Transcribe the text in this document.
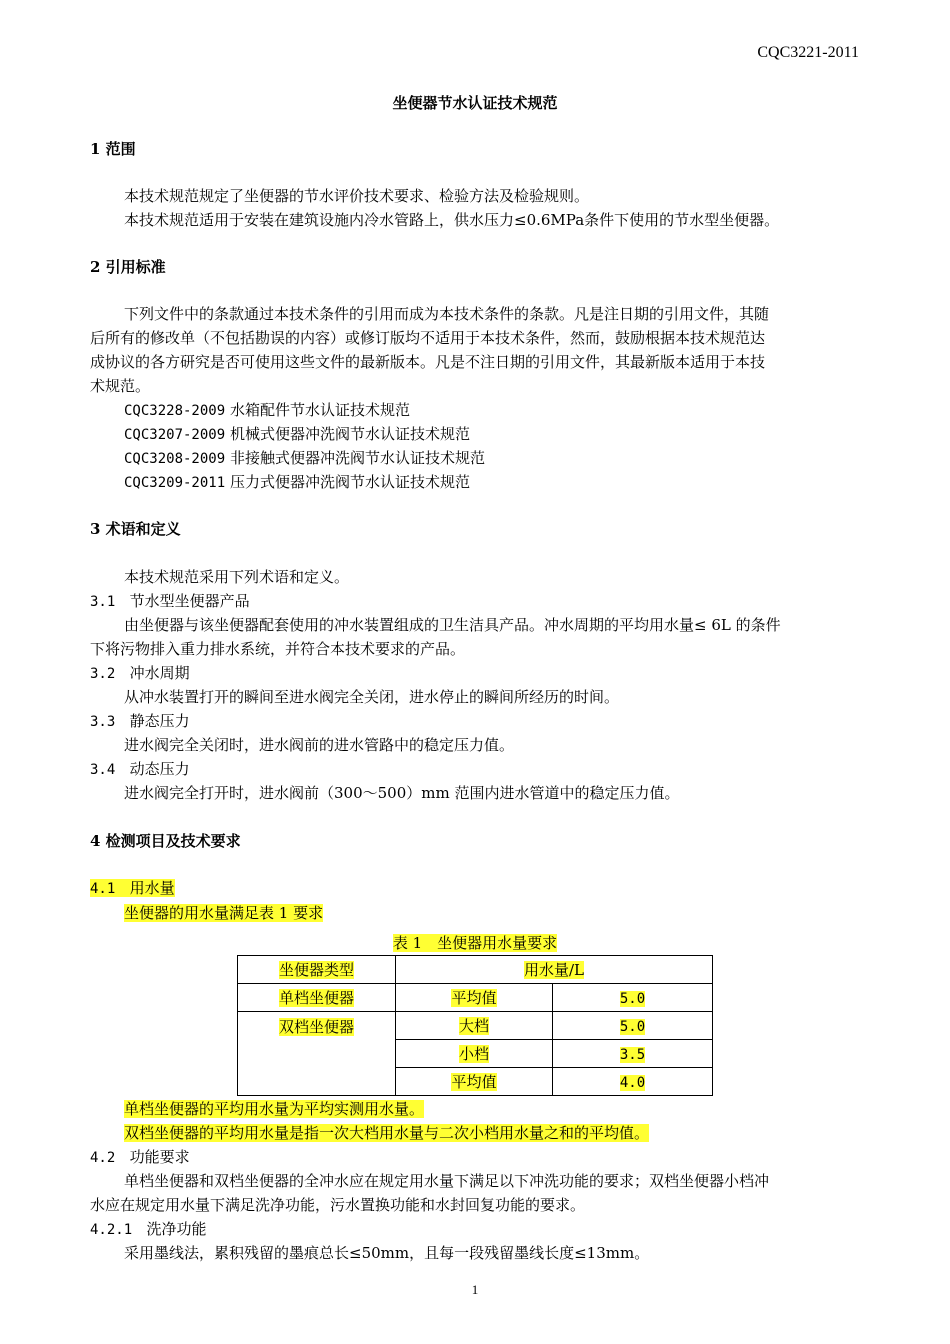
CQC3221-2011
坐便器节水认证技术规范
1 范围
本技术规范规定了坐便器的节水评价技术要求、检验方法及检验规则。
本技术规范适用于安装在建筑设施内冷水管路上，供水压力≤0.6MPa条件下使用的节水型坐便器。
2 引用标准
下列文件中的条款通过本技术条件的引用而成为本技术条件的条款。凡是注日期的引用文件，其随
后所有的修改单（不包括勘误的内容）或修订版均不适用于本技术条件，然而，鼓励根据本技术规范达
成协议的各方研究是否可使用这些文件的最新版本。凡是不注日期的引用文件，其最新版本适用于本技
术规范。
CQC3228-2009 水箱配件节水认证技术规范
CQC3207-2009 机械式便器冲洗阀节水认证技术规范
CQC3208-2009 非接触式便器冲洗阀节水认证技术规范
CQC3209-2011 压力式便器冲洗阀节水认证技术规范
3 术语和定义
本技术规范采用下列术语和定义。
3.1 节水型坐便器产品
由坐便器与该坐便器配套使用的冲水装置组成的卫生洁具产品。冲水周期的平均用水量≤ 6L 的条件
下将污物排入重力排水系统，并符合本技术要求的产品。
3.2 冲水周期
从冲水装置打开的瞬间至进水阀完全关闭，进水停止的瞬间所经历的时间。
3.3 静态压力
进水阀完全关闭时，进水阀前的进水管路中的稳定压力值。
3.4 动态压力
进水阀完全打开时，进水阀前（300～500）mm 范围内进水管道中的稳定压力值。
4 检测项目及技术要求
4.1 用水量
坐便器的用水量满足表 1 要求
表 1　坐便器用水量要求
坐便器类型	用水量/L	
单档坐便器	平均值	5.0
双档坐便器	大档	5.0
	小档	3.5
	平均值	4.0
单档坐便器的平均用水量为平均实测用水量。
双档坐便器的平均用水量是指一次大档用水量与二次小档用水量之和的平均值。
4.2 功能要求
单档坐便器和双档坐便器的全冲水应在规定用水量下满足以下冲洗功能的要求；双档坐便器小档冲
水应在规定用水量下满足洗净功能，污水置换功能和水封回复功能的要求。
4.2.1 洗净功能
采用墨线法，累积残留的墨痕总长≤50mm，且每一段残留墨线长度≤13mm。
1
